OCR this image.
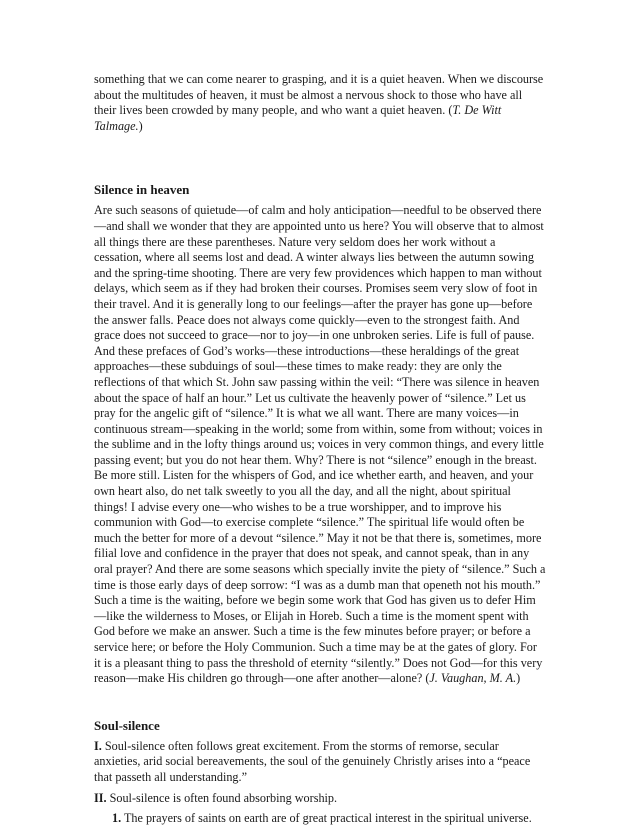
something that we can come nearer to grasping, and it is a quiet heaven. When we discourse about the multitudes of heaven, it must be almost a nervous shock to those who have all their lives been crowded by many people, and who want a quiet heaven. (T. De Witt Talmage.)

Silence in heaven

Are such seasons of quietude—of calm and holy anticipation—needful to be observed there—and shall we wonder that they are appointed unto us here? You will observe that to almost all things there are these parentheses. Nature very seldom does her work without a cessation, where all seems lost and dead. A winter always lies between the autumn sowing and the spring-time shooting. There are very few providences which happen to man without delays, which seem as if they had broken their courses. Promises seem very slow of foot in their travel. And it is generally long to our feelings—after the prayer has gone up—before the answer falls. Peace does not always come quickly—even to the strongest faith. And grace does not succeed to grace—nor to joy—in one unbroken series. Life is full of pause. And these prefaces of God’s works—these introductions—these heraldings of the great approaches—these subduings of soul—these times to make ready: they are only the reflections of that which St. John saw passing within the veil: “There was silence in heaven about the space of half an hour.” Let us cultivate the heavenly power of “silence.” Let us pray for the angelic gift of “silence.” It is what we all want. There are many voices—in continuous stream—speaking in the world; some from within, some from without; voices in the sublime and in the lofty things around us; voices in very common things, and every little passing event; but you do not hear them. Why? There is not “silence” enough in the breast. Be more still. Listen for the whispers of God, and ice whether earth, and heaven, and your own heart also, do net talk sweetly to you all the day, and all the night, about spiritual things! I advise every one—who wishes to be a true worshipper, and to improve his communion with God—to exercise complete “silence.” The spiritual life would often be much the better for more of a devout “silence.” May it not be that there is, sometimes, more filial love and confidence in the prayer that does not speak, and cannot speak, than in any oral prayer? And there are some seasons which specially invite the piety of “silence.” Such a time is those early days of deep sorrow: “I was as a dumb man that openeth not his mouth.” Such a time is the waiting, before we begin some work that God has given us to defer Him—like the wilderness to Moses, or Elijah in Horeb. Such a time is the moment spent with God before we make an answer. Such a time is the few minutes before prayer; or before a service here; or before the Holy Communion. Such a time may be at the gates of glory. For it is a pleasant thing to pass the threshold of eternity “silently.” Does not God—for this very reason—make His children go through—one after another—alone? (J. Vaughan, M. A.)

Soul-silence

I. Soul-silence often follows great excitement. From the storms of remorse, secular anxieties, arid social bereavements, the soul of the genuinely Christly arises into a “peace that passeth all understanding.”

II. Soul-silence is often found absorbing worship.

1. The prayers of saints on earth are of great practical interest in the spiritual universe.
